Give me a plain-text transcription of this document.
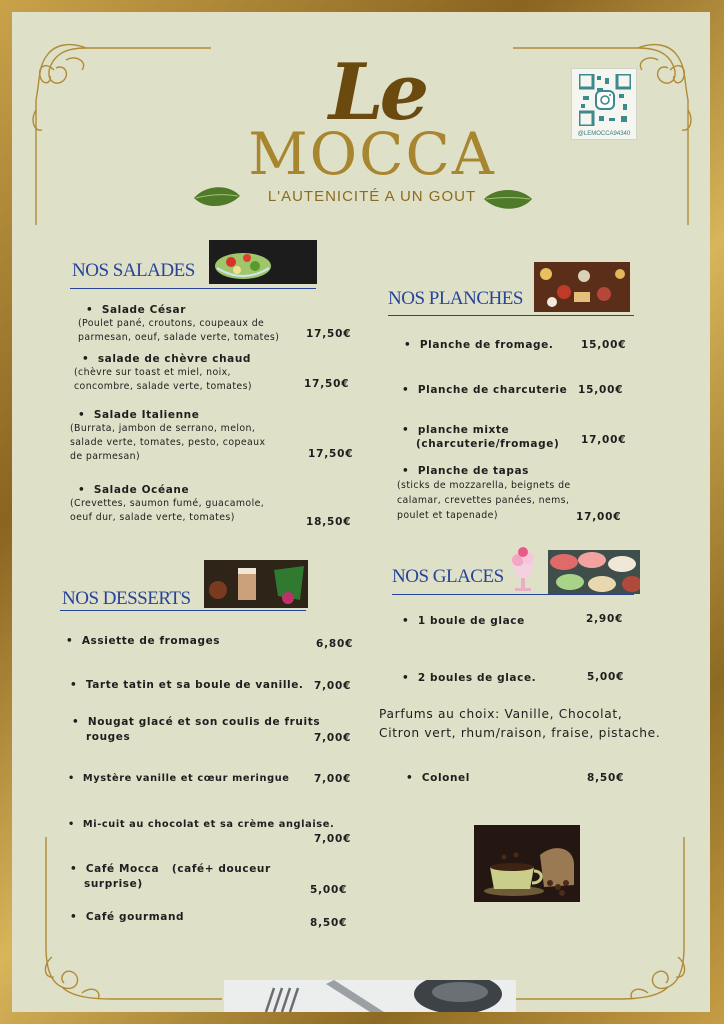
Le
MOCCA
L'AUTENICITÉ A UN GOUT
@LEMOCCA94340
NOS SALADES
• Salade César
(Poulet pané, croutons, coupeaux de
parmesan, oeuf, salade verte, tomates)	17,50€
• salade de chèvre chaud
(chèvre sur toast et miel, noix,
concombre, salade verte, tomates)	17,50€
• Salade Italienne
(Burrata, jambon de serrano, melon,
salade verte, tomates, pesto, copeaux
de parmesan)	17,50€
• Salade Océane
(Crevettes, saumon fumé, guacamole,
oeuf dur, salade verte, tomates)	18,50€
NOS PLANCHES
• Planche de fromage.	15,00€
• Planche de charcuterie 15,00€
• planche mixte
(charcuterie/fromage) 17,00€
• Planche de tapas
(sticks de mozzarella, beignets de
calamar, crevettes panées, nems,
poulet et tapenade)	17,00€
NOS DESSERTS
• Assiette de fromages	6,80€
• Tarte tatin et sa boule de vanille. 7,00€
• Nougat glacé et son coulis de fruits
rouges	7,00€
• Mystère vanille et cœur meringue 7,00€
• Mi-cuit au chocolat et sa crème anglaise.
7,00€
• Café Mocca   (café+ douceur
surprise)	5,00€
• Café gourmand	8,50€
NOS GLACES
• 1 boule de glace	2,90€
• 2 boules de glace.	5,00€
Parfums au choix: Vanille, Chocolat, Citron vert, rhum/raison, fraise, pistache.
• Colonel	8,50€
